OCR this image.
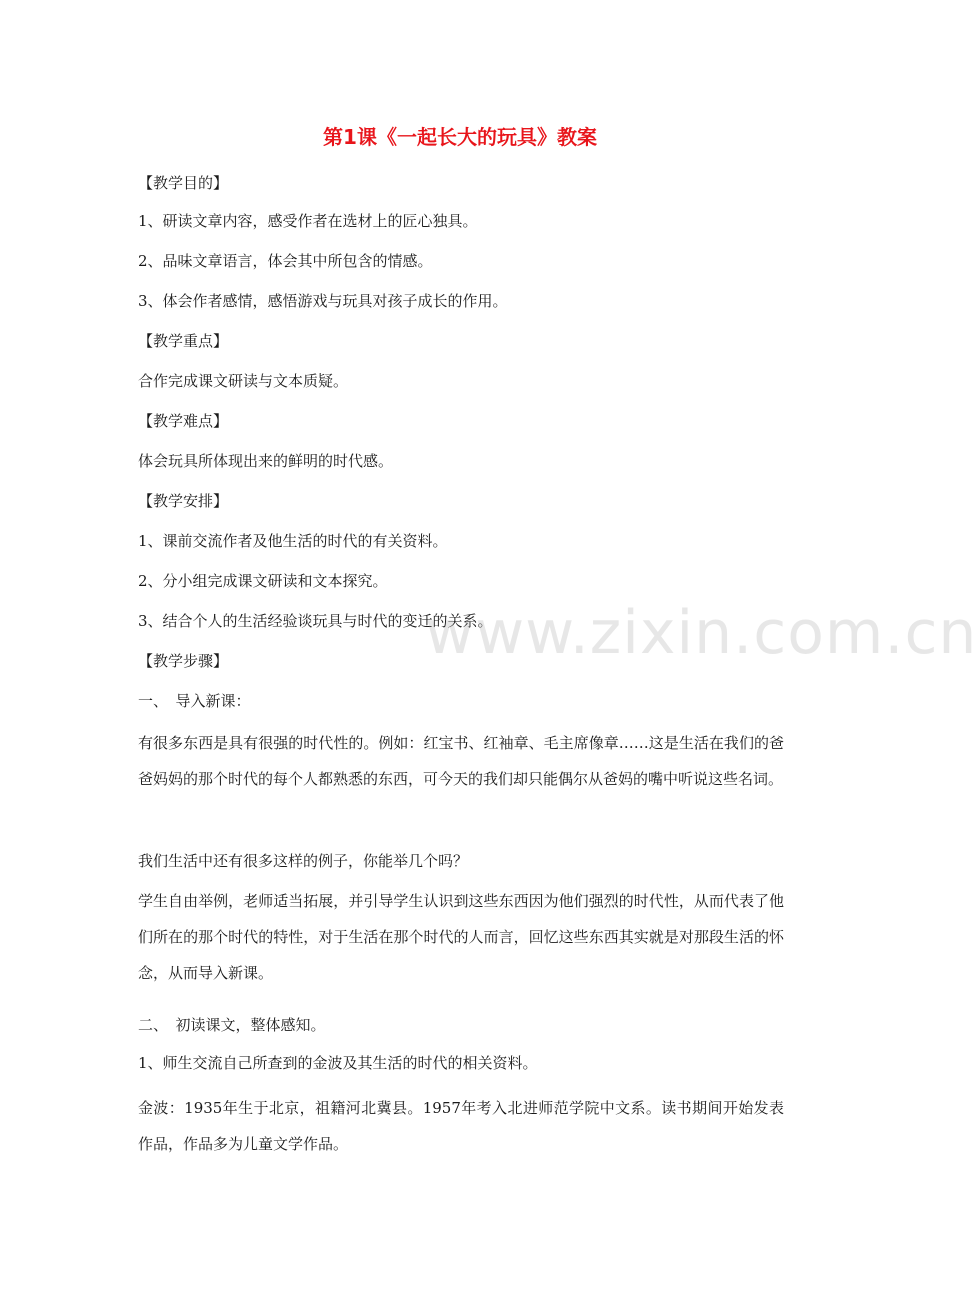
第1课《一起长大的玩具》教案
【教学目的】
1、研读文章内容，感受作者在选材上的匠心独具。
2、品味文章语言，体会其中所包含的情感。
3、体会作者感情，感悟游戏与玩具对孩子成长的作用。
【教学重点】
合作完成课文研读与文本质疑。
【教学难点】
体会玩具所体现出来的鲜明的时代感。
【教学安排】
1、课前交流作者及他生活的时代的有关资料。
2、分小组完成课文研读和文本探究。
3、结合个人的生活经验谈玩具与时代的变迁的关系。
【教学步骤】
一、　导入新课：
有很多东西是具有很强的时代性的。例如：红宝书、红袖章、毛主席像章……这是生活在我们的爸爸妈妈的那个时代的每个人都熟悉的东西，可今天的我们却只能偶尔从爸妈的嘴中听说这些名词。
我们生活中还有很多这样的例子，你能举几个吗？
学生自由举例，老师适当拓展，并引导学生认识到这些东西因为他们强烈的时代性，从而代表了他们所在的那个时代的特性，对于生活在那个时代的人而言，回忆这些东西其实就是对那段生活的怀念，从而导入新课。
二、　初读课文，整体感知。
1、师生交流自己所查到的金波及其生活的时代的相关资料。
金波：1935年生于北京，祖籍河北冀县。1957年考入北进师范学院中文系。读书期间开始发表作品，作品多为儿童文学作品。
www.zixin.com.cn
